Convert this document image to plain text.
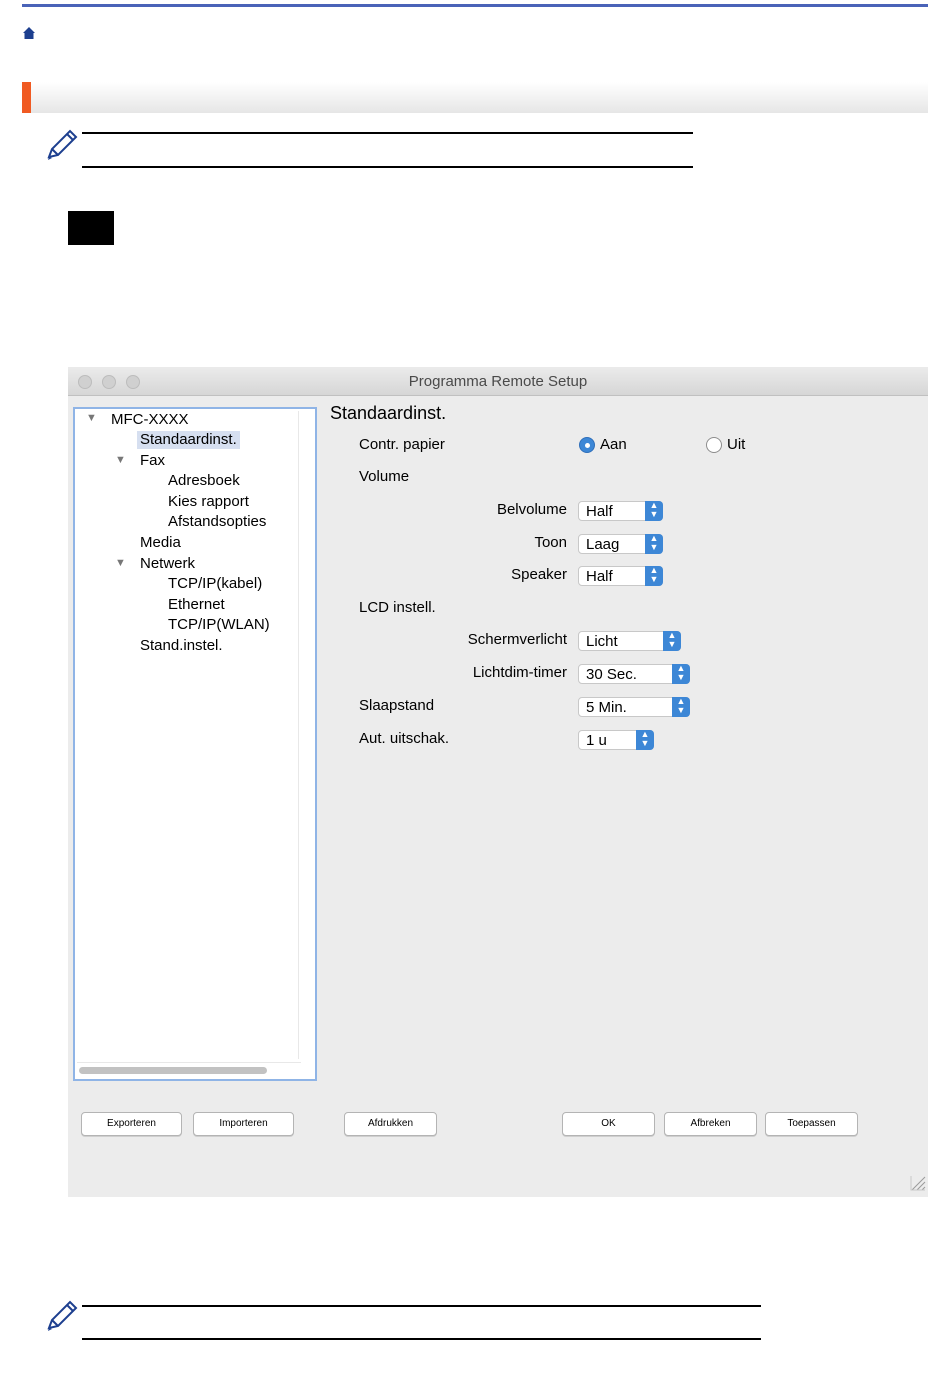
Programma Remote Setup
▼ MFC-XXXX
Standaardinst.
▼ Fax
Adresboek
Kies rapport
Afstandsopties
Media
▼ Netwerk
TCP/IP(kabel)
Ethernet
TCP/IP(WLAN)
Stand.instel.
Standaardinst.
Contr. papier	Aan	Uit
Volume
Belvolume Half	▲
▼
Toon Laag	▲
▼
Speaker Half	▲
▼
LCD instell.
Schermverlicht Licht	▲
▼
Lichtdim-timer 30 Sec.	▲
▼
Slaapstand	5 Min.	▲
▼
Aut. uitschak.	1 u	▲
▼
Exporteren	Importeren	Afdrukken	OK	Afbreken	Toepassen
